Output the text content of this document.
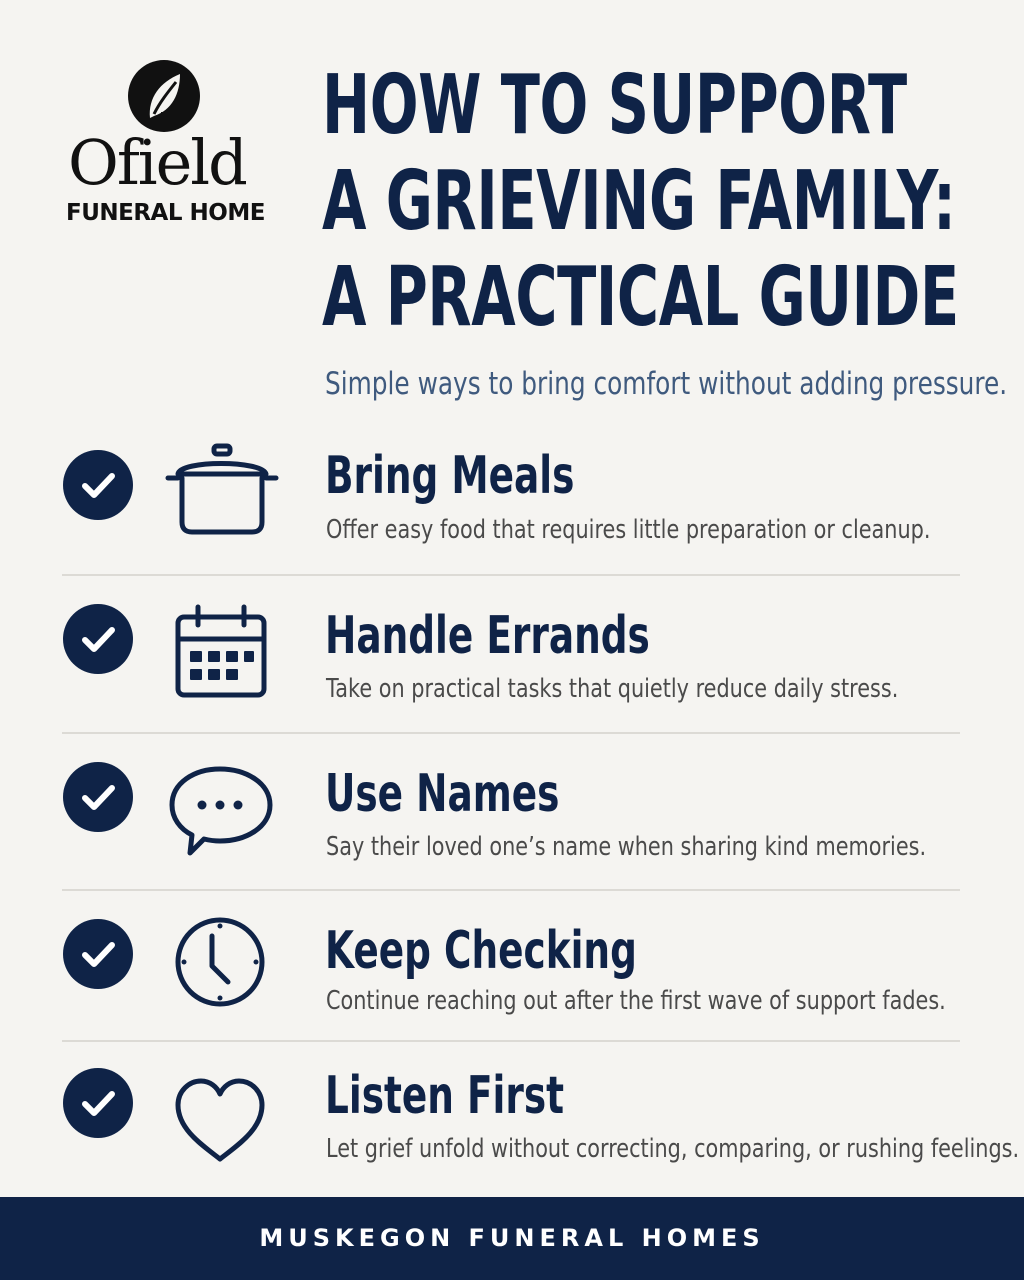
Ofield
FUNERAL HOME
HOW TO SUPPORT
A GRIEVING FAMILY:
A PRACTICAL GUIDE
Simple ways to bring comfort without adding pressure.
Bring Meals
Offer easy food that requires little preparation or cleanup.
Handle Errands
Take on practical tasks that quietly reduce daily stress.
Use Names
Say their loved one’s name when sharing kind memories.
Keep Checking
Continue reaching out after the first wave of support fades.
Listen First
Let grief unfold without correcting, comparing, or rushing feelings.
MUSKEGON FUNERAL HOMES
